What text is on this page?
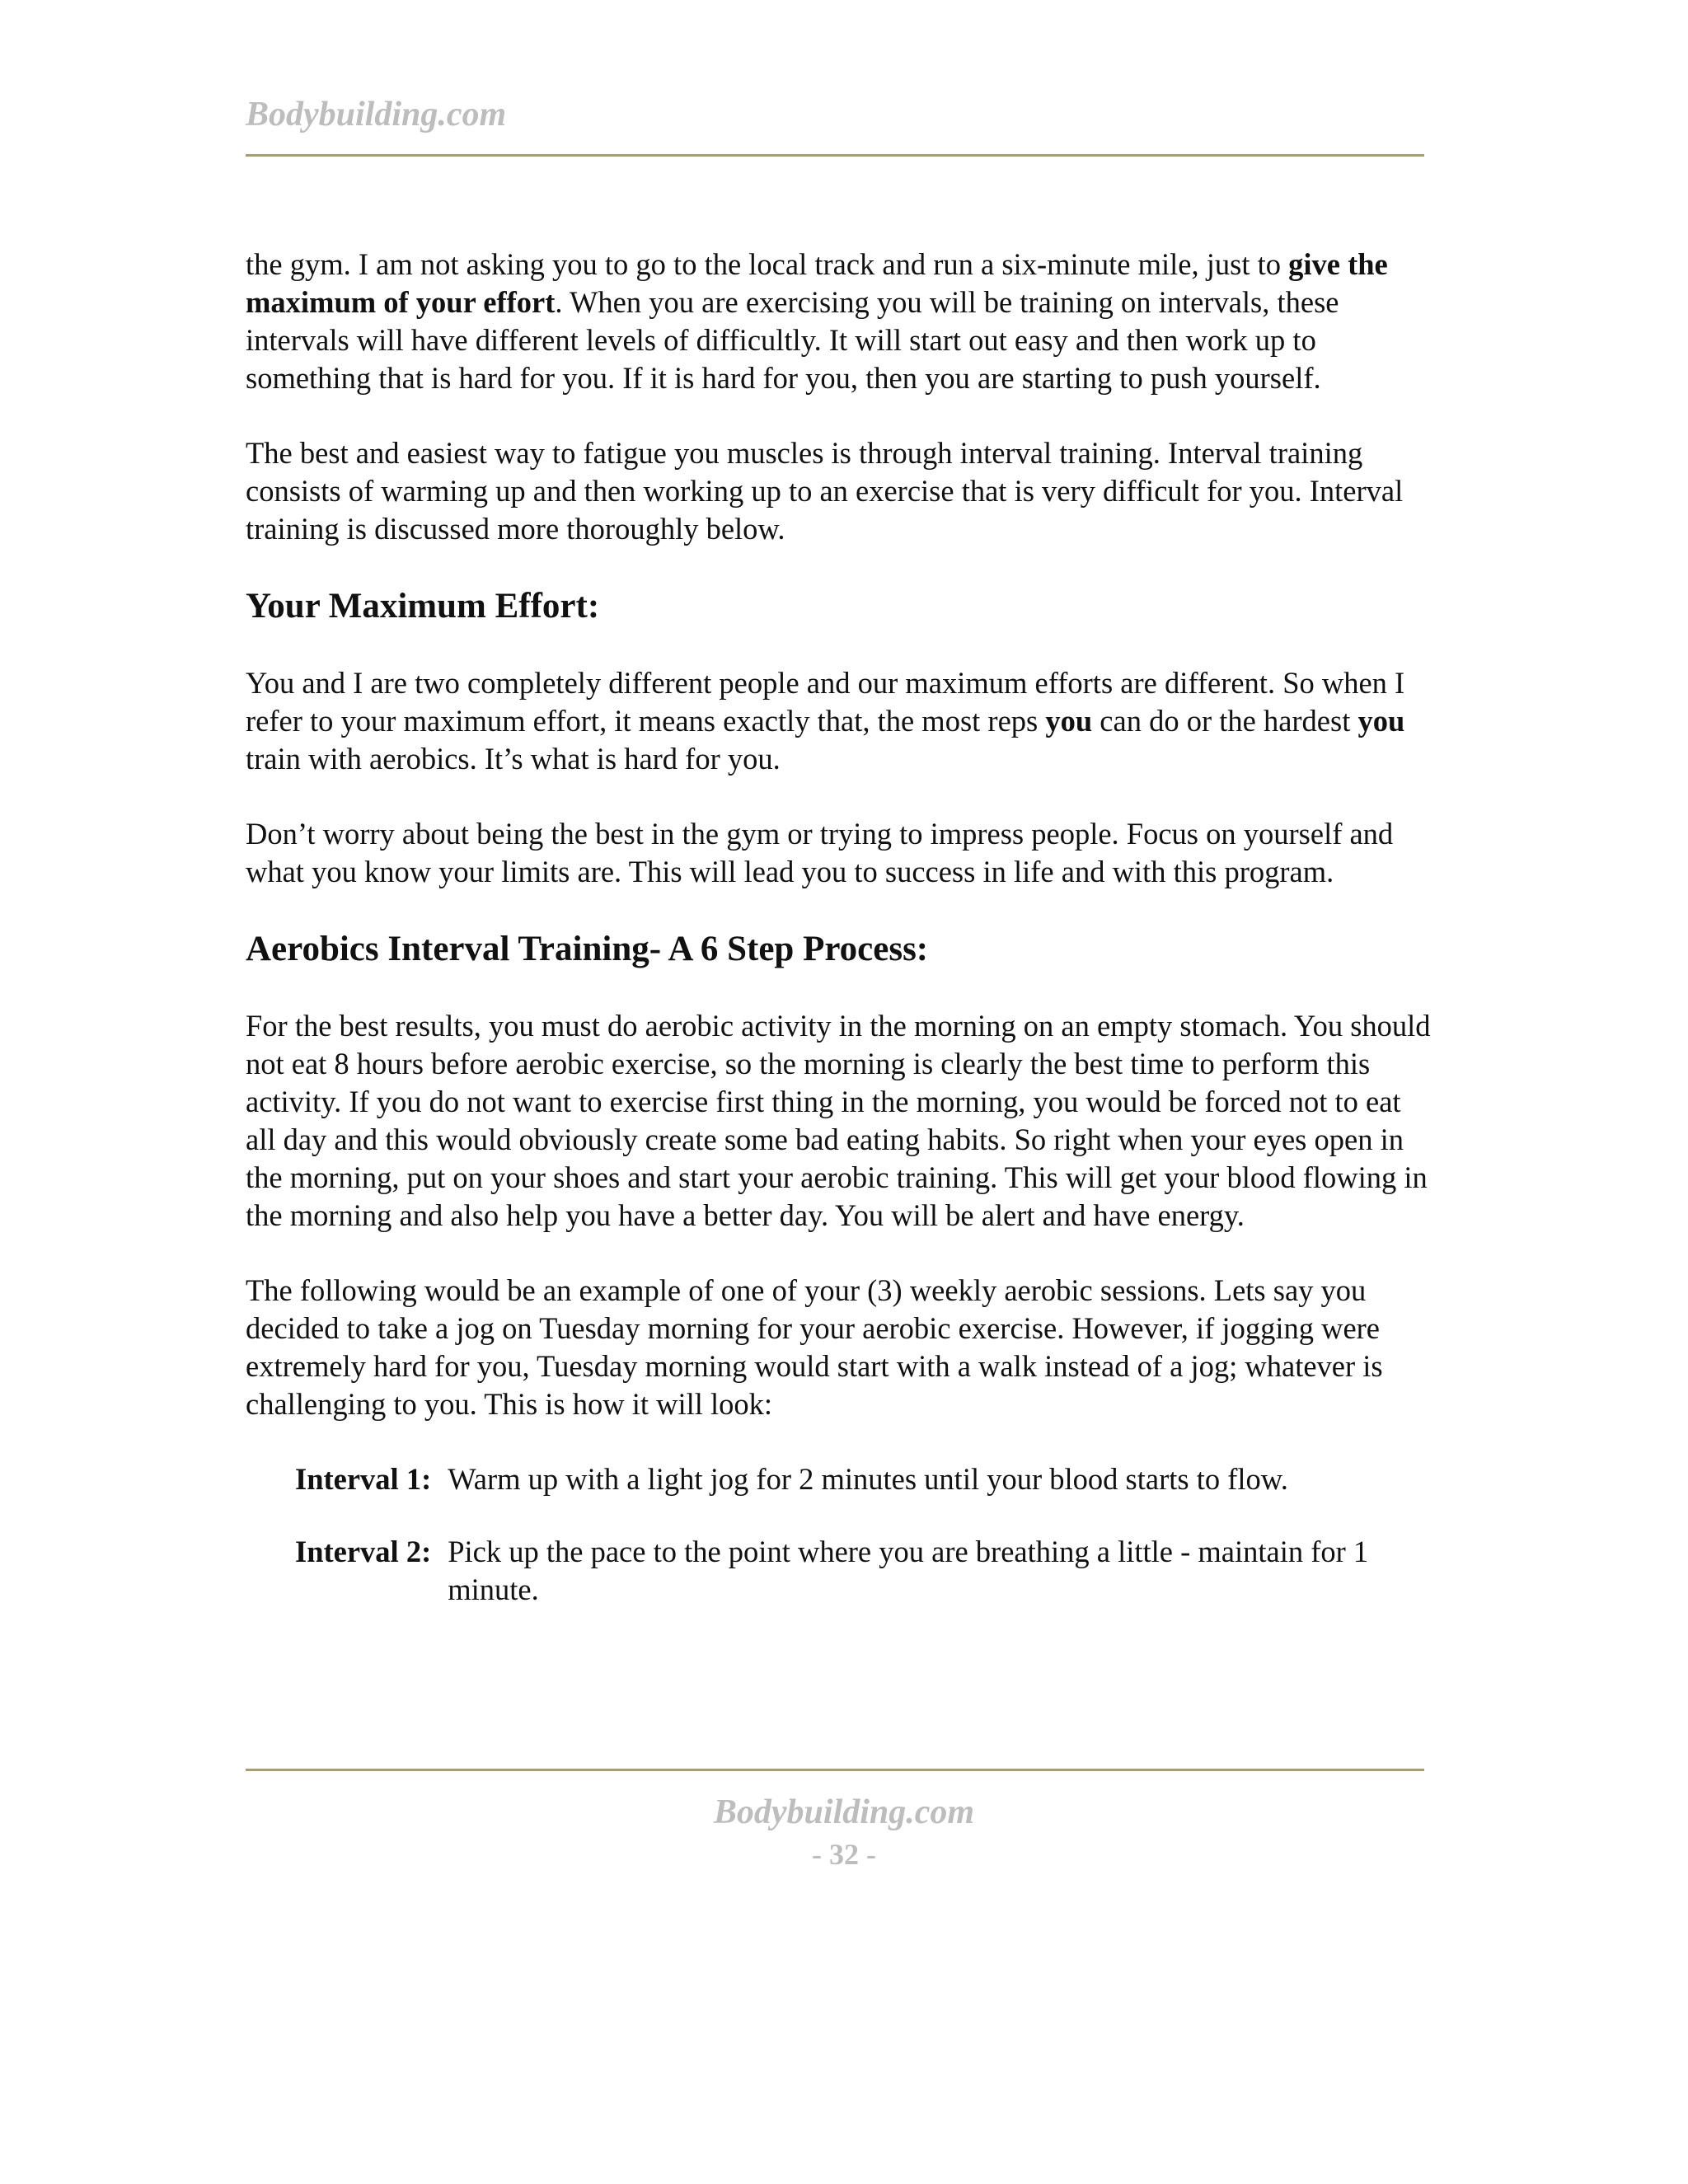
Bodybuilding.com

the gym. I am not asking you to go to the local track and run a six-minute mile, just to give the maximum of your effort. When you are exercising you will be training on intervals, these intervals will have different levels of difficultly. It will start out easy and then work up to something that is hard for you. If it is hard for you, then you are starting to push yourself.

The best and easiest way to fatigue you muscles is through interval training. Interval training consists of warming up and then working up to an exercise that is very difficult for you. Interval training is discussed more thoroughly below.

Your Maximum Effort:

You and I are two completely different people and our maximum efforts are different. So when I refer to your maximum effort, it means exactly that, the most reps you can do or the hardest you train with aerobics. It’s what is hard for you.

Don’t worry about being the best in the gym or trying to impress people. Focus on yourself and what you know your limits are. This will lead you to success in life and with this program.

Aerobics Interval Training- A 6 Step Process:

For the best results, you must do aerobic activity in the morning on an empty stomach. You should not eat 8 hours before aerobic exercise, so the morning is clearly the best time to perform this activity. If you do not want to exercise first thing in the morning, you would be forced not to eat all day and this would obviously create some bad eating habits. So right when your eyes open in the morning, put on your shoes and start your aerobic training. This will get your blood flowing in the morning and also help you have a better day. You will be alert and have energy.

The following would be an example of one of your (3) weekly aerobic sessions. Lets say you decided to take a jog on Tuesday morning for your aerobic exercise. However, if jogging were extremely hard for you, Tuesday morning would start with a walk instead of a jog; whatever is challenging to you. This is how it will look:

Interval 1: Warm up with a light jog for 2 minutes until your blood starts to flow.
Interval 2: Pick up the pace to the point where you are breathing a little - maintain for 1 minute.
Bodybuilding.com
- 32 -
